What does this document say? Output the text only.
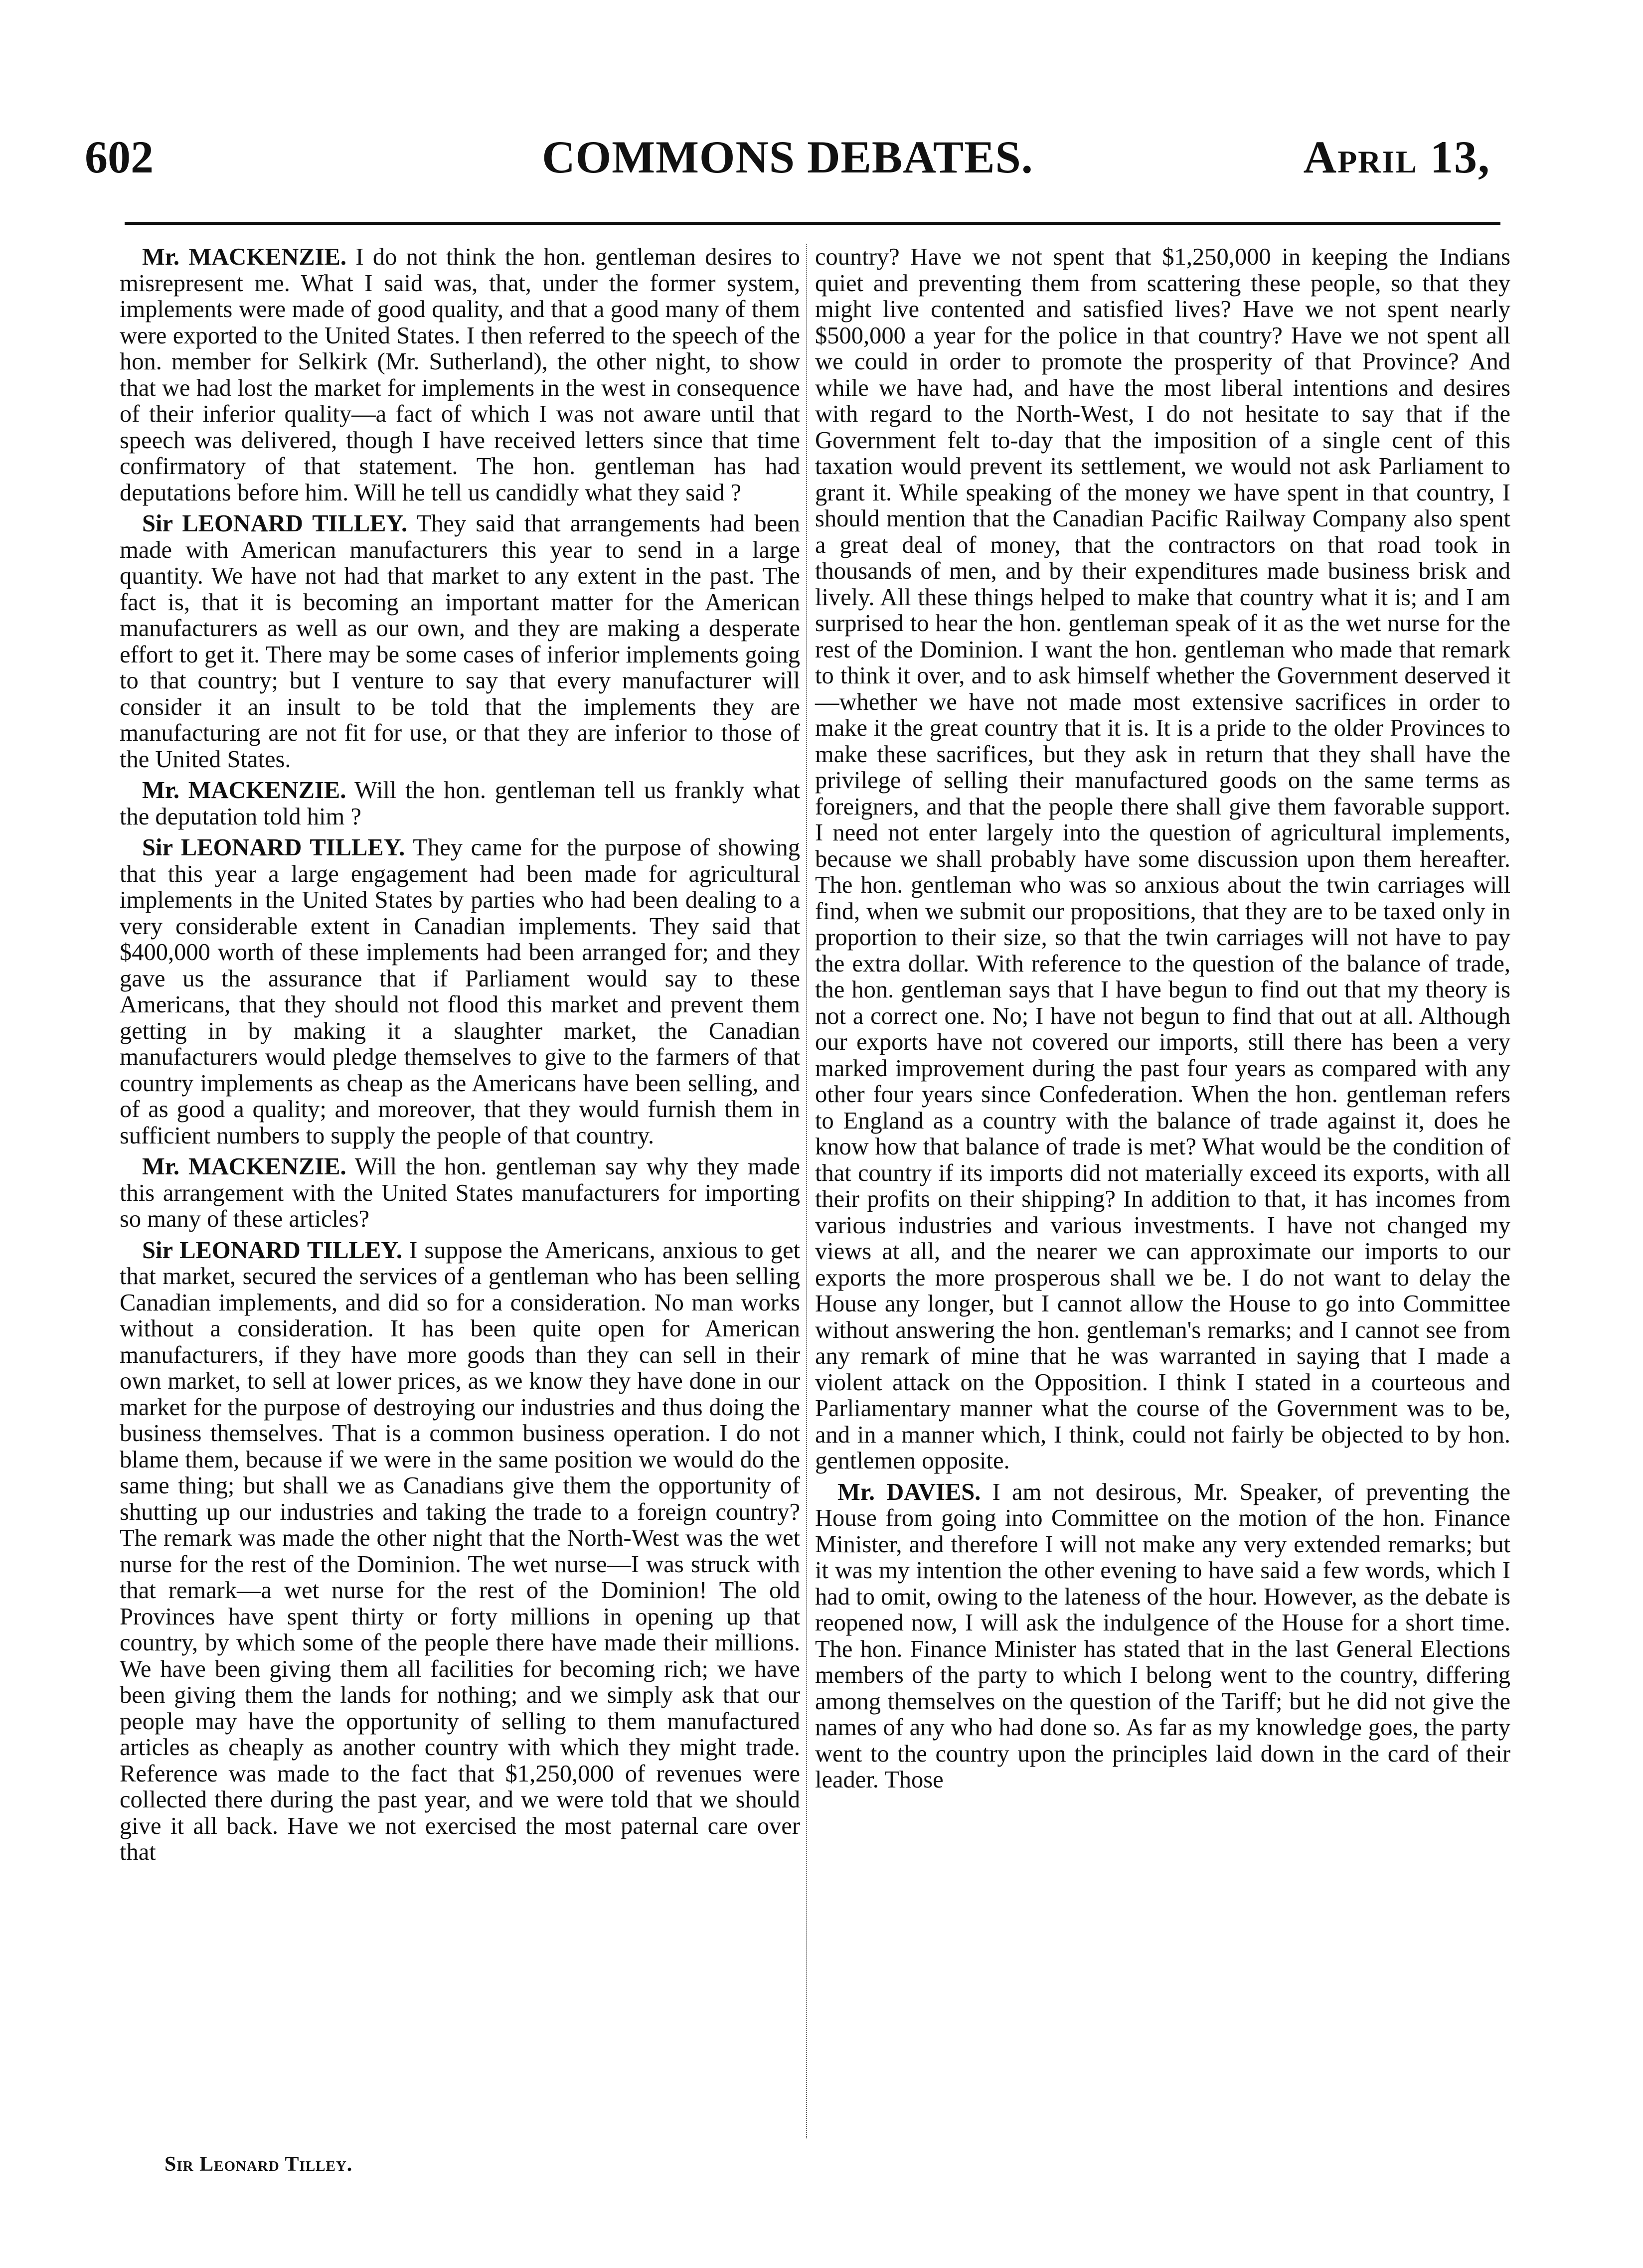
602	COMMONS DEBATES.	April 13,

Mr. MACKENZIE. I do not think the hon. gentleman desires to misrepresent me. What I said was, that, under the former system, implements were made of good quality, and that a good many of them were exported to the United States. I then referred to the speech of the hon. member for Selkirk (Mr. Sutherland), the other night, to show that we had lost the market for implements in the west in consequence of their inferior quality—a fact of which I was not aware until that speech was delivered, though I have received letters since that time confirmatory of that statement. The hon. gentleman has had deputations before him. Will he tell us candidly what they said ?

Sir LEONARD TILLEY. They said that arrangements had been made with American manufacturers this year to send in a large quantity. We have not had that market to any extent in the past. The fact is, that it is becoming an important matter for the American manufacturers as well as our own, and they are making a desperate effort to get it. There may be some cases of inferior implements going to that country; but I venture to say that every manufacturer will consider it an insult to be told that the implements they are manufacturing are not fit for use, or that they are inferior to those of the United States.

Mr. MACKENZIE. Will the hon. gentleman tell us frankly what the deputation told him ?

Sir LEONARD TILLEY. They came for the purpose of showing that this year a large engagement had been made for agricultural implements in the United States by parties who had been dealing to a very considerable extent in Canadian implements. They said that $400,000 worth of these implements had been arranged for; and they gave us the assurance that if Parliament would say to these Americans, that they should not flood this market and prevent them getting in by making it a slaughter market, the Canadian manufacturers would pledge themselves to give to the farmers of that country implements as cheap as the Americans have been selling, and of as good a quality; and moreover, that they would furnish them in sufficient numbers to supply the people of that country.

Mr. MACKENZIE. Will the hon. gentleman say why they made this arrangement with the United States manufacturers for importing so many of these articles?

Sir LEONARD TILLEY. I suppose the Americans, anxious to get that market, secured the services of a gentleman who has been selling Canadian implements, and did so for a consideration. No man works without a consideration. It has been quite open for American manufacturers, if they have more goods than they can sell in their own market, to sell at lower prices, as we know they have done in our market for the purpose of destroying our industries and thus doing the business themselves. That is a common business operation. I do not blame them, because if we were in the same position we would do the same thing; but shall we as Canadians give them the opportunity of shutting up our industries and taking the trade to a foreign country? The remark was made the other night that the North-West was the wet nurse for the rest of the Dominion. The wet nurse—I was struck with that remark—a wet nurse for the rest of the Dominion! The old Provinces have spent thirty or forty millions in opening up that country, by which some of the people there have made their millions. We have been giving them all facilities for becoming rich; we have been giving them the lands for nothing; and we simply ask that our people may have the opportunity of selling to them manufactured articles as cheaply as another country with which they might trade. Reference was made to the fact that $1,250,000 of revenues were collected there during the past year, and we were told that we should give it all back. Have we not exercised the most paternal care over that

country? Have we not spent that $1,250,000 in keeping the Indians quiet and preventing them from scattering these people, so that they might live contented and satisfied lives? Have we not spent nearly $500,000 a year for the police in that country? Have we not spent all we could in order to promote the prosperity of that Province? And while we have had, and have the most liberal intentions and desires with regard to the North-West, I do not hesitate to say that if the Government felt to-day that the imposition of a single cent of this taxation would prevent its settlement, we would not ask Parliament to grant it. While speaking of the money we have spent in that country, I should mention that the Canadian Pacific Railway Company also spent a great deal of money, that the contractors on that road took in thousands of men, and by their expenditures made business brisk and lively. All these things helped to make that country what it is; and I am surprised to hear the hon. gentleman speak of it as the wet nurse for the rest of the Dominion. I want the hon. gentleman who made that remark to think it over, and to ask himself whether the Government deserved it—whether we have not made most extensive sacrifices in order to make it the great country that it is. It is a pride to the older Provinces to make these sacrifices, but they ask in return that they shall have the privilege of selling their manufactured goods on the same terms as foreigners, and that the people there shall give them favorable support. I need not enter largely into the question of agricultural implements, because we shall probably have some discussion upon them hereafter. The hon. gentleman who was so anxious about the twin carriages will find, when we submit our propositions, that they are to be taxed only in proportion to their size, so that the twin carriages will not have to pay the extra dollar. With reference to the question of the balance of trade, the hon. gentleman says that I have begun to find out that my theory is not a correct one. No; I have not begun to find that out at all. Although our exports have not covered our imports, still there has been a very marked improvement during the past four years as compared with any other four years since Confederation. When the hon. gentleman refers to England as a country with the balance of trade against it, does he know how that balance of trade is met? What would be the condition of that country if its imports did not materially exceed its exports, with all their profits on their shipping? In addition to that, it has incomes from various industries and various investments. I have not changed my views at all, and the nearer we can approximate our imports to our exports the more prosperous shall we be. I do not want to delay the House any longer, but I cannot allow the House to go into Committee without answering the hon. gentleman's remarks; and I cannot see from any remark of mine that he was warranted in saying that I made a violent attack on the Opposition. I think I stated in a courteous and Parliamentary manner what the course of the Government was to be, and in a manner which, I think, could not fairly be objected to by hon. gentlemen opposite.

Mr. DAVIES. I am not desirous, Mr. Speaker, of preventing the House from going into Committee on the motion of the hon. Finance Minister, and therefore I will not make any very extended remarks; but it was my intention the other evening to have said a few words, which I had to omit, owing to the lateness of the hour. However, as the debate is reopened now, I will ask the indulgence of the House for a short time. The hon. Finance Minister has stated that in the last General Elections members of the party to which I belong went to the country, differing among themselves on the question of the Tariff; but he did not give the names of any who had done so. As far as my knowledge goes, the party went to the country upon the principles laid down in the card of their leader. Those

Sir Leonard Tilley.
